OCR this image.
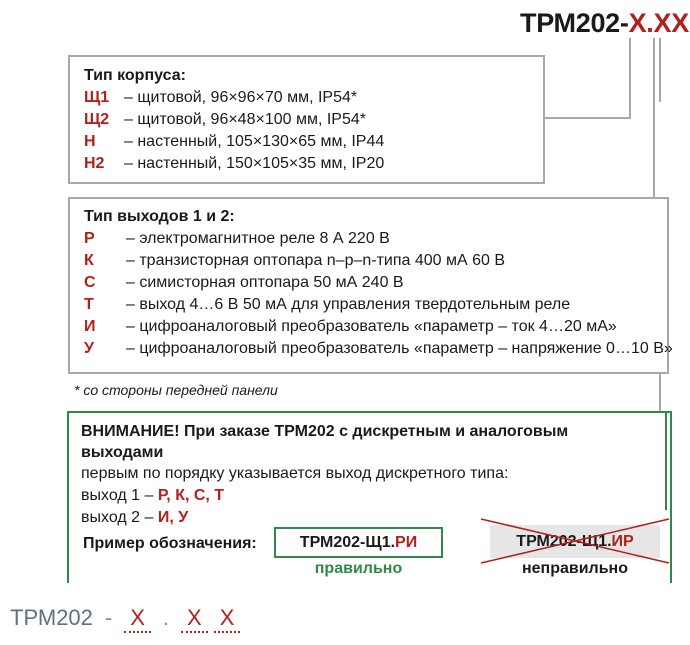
ТРМ202-Х.ХХ
Тип корпуса:
Щ1 – щитовой, 96×96×70 мм, IP54*
Щ2 – щитовой, 96×48×100 мм, IP54*
Н	– настенный, 105×130×65 мм, IP44
Н2	– настенный, 150×105×35 мм, IP20
Тип выходов 1 и 2:
Р	– электромагнитное реле 8 А 220 В
К	– транзисторная оптопара n–p–n-типа 400 мА 60 В
С	– симисторная оптопара 50 мА 240 В
Т	– выход 4…6 В 50 мА для управления твердотельным реле
И	– цифроаналоговый преобразователь «параметр – ток 4…20 мА»
У	– цифроаналоговый преобразователь «параметр – напряжение 0…10 В»
* со стороны передней панели
ВНИМАНИЕ! При заказе ТРМ202 с дискретным и аналоговым выходами
первым по порядку указывается выход дискретного типа:
выход 1 – Р, К, С, Т
выход 2 – И, У
Пример обозначения:	ТРМ202-Щ1. РИ
правильно
ТРМ202-Щ1. ИР
неправильно
ТРМ202 - Х . Х Х
